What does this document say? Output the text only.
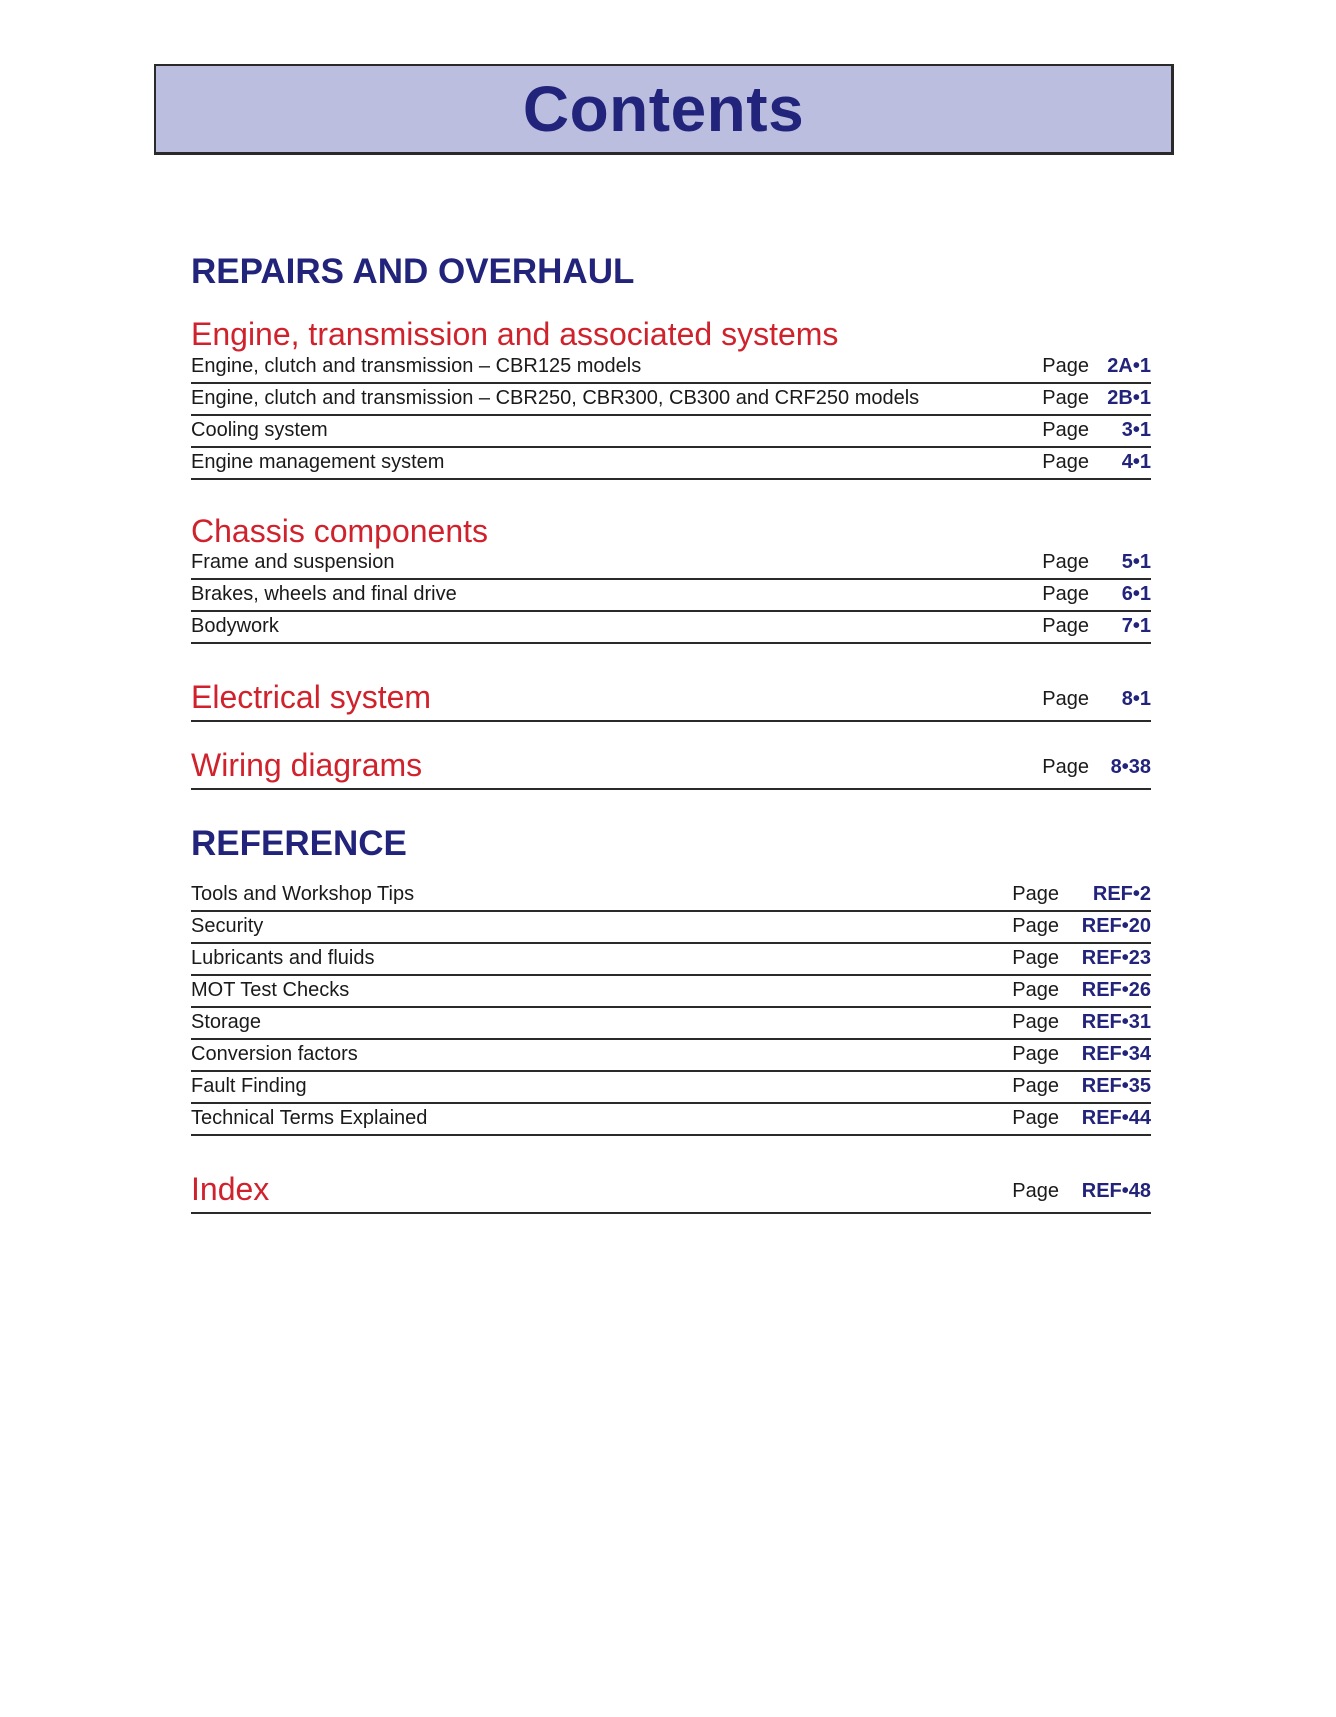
Contents
REPAIRS AND OVERHAUL
Engine, transmission and associated systems
Engine, clutch and transmission – CBR125 models	Page 2A•1
Engine, clutch and transmission – CBR250, CBR300, CB300 and CRF250 models	Page 2B•1
Cooling system	Page 3•1
Engine management system	Page 4•1
Chassis components
Frame and suspension	Page 5•1
Brakes, wheels and final drive	Page 6•1
Bodywork	Page 7•1
Electrical system	Page 8•1
Wiring diagrams	Page 8•38
REFERENCE
Tools and Workshop Tips	Page REF•2
Security	Page REF•20
Lubricants and fluids	Page REF•23
MOT Test Checks	Page REF•26
Storage	Page REF•31
Conversion factors	Page REF•34
Fault Finding	Page REF•35
Technical Terms Explained	Page REF•44
Index	Page REF•48
